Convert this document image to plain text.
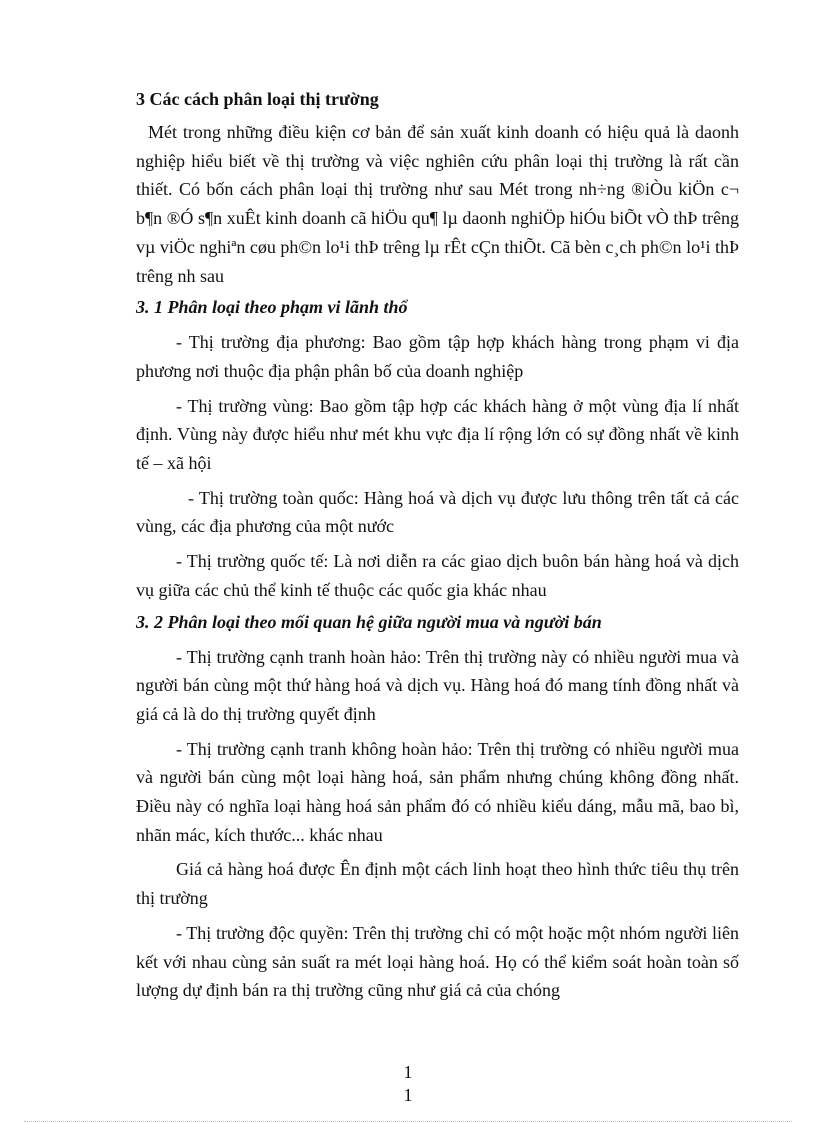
3 Các cách phân loại thị trường

Mét trong những điều kiện cơ bản để sản xuất kinh doanh có hiệu quả là daonh nghiệp hiểu biết về thị trường và việc nghiên cứu phân loại thị trường là rất cần thiết. Có bốn cách phân loại thị trường như sau Mét trong nh÷ng ®iÒu kiÖn c¬ b¶n ®Ó s¶n xuÊt kinh doanh cã hiÖu qu¶ lµ daonh nghiÖp hiÓu biÕt vÒ thÞ trêng vµ viÖc nghiªn cøu ph©n lo¹i thÞ trêng lµ rÊt cÇn thiÕt. Cã bèn c¸ch ph©n lo¹i thÞ trêng nh sau

3. 1 Phân loại theo phạm vi lãnh thổ

- Thị trường địa phương: Bao gồm tập hợp khách hàng trong phạm vi địa phương nơi thuộc địa phận phân bố của doanh nghiệp

- Thị trường vùng: Bao gồm tập hợp các khách hàng ở một vùng địa lí nhất định. Vùng này được hiểu như mét khu vực địa lí rộng lớn có sự đồng nhất về kinh tế – xã hội

- Thị trường toàn quốc: Hàng hoá và dịch vụ được lưu thông trên tất cả các vùng, các địa phương của một nước

- Thị trường quốc tế: Là nơi diễn ra các giao dịch buôn bán hàng hoá và dịch vụ giữa các chủ thể kinh tế thuộc các quốc gia khác nhau

3. 2 Phân loại theo mối quan hệ giữa người mua và người bán

- Thị trường cạnh tranh hoàn hảo: Trên thị trường này có nhiều người mua và người bán cùng một thứ hàng hoá và dịch vụ. Hàng hoá đó mang tính đồng nhất và giá cả là do thị trường quyết định

- Thị trường cạnh tranh không hoàn hảo: Trên thị trường có nhiều người mua và người bán cùng một loại hàng hoá, sản phẩm nhưng chúng không đồng nhất. Điều này có nghĩa loại hàng hoá sản phẩm đó có nhiều kiểu dáng, mẫu mã, bao bì, nhãn mác, kích thước... khác nhau

Giá cả hàng hoá được Ên định một cách linh hoạt theo hình thức tiêu thụ trên thị trường

- Thị trường độc quyền: Trên thị trường chỉ có một hoặc một nhóm người liên kết với nhau cùng sản suất ra mét loại hàng hoá. Họ có thể kiểm soát hoàn toàn số lượng dự định bán ra thị trường cũng như giá cả của chóng

1
1
